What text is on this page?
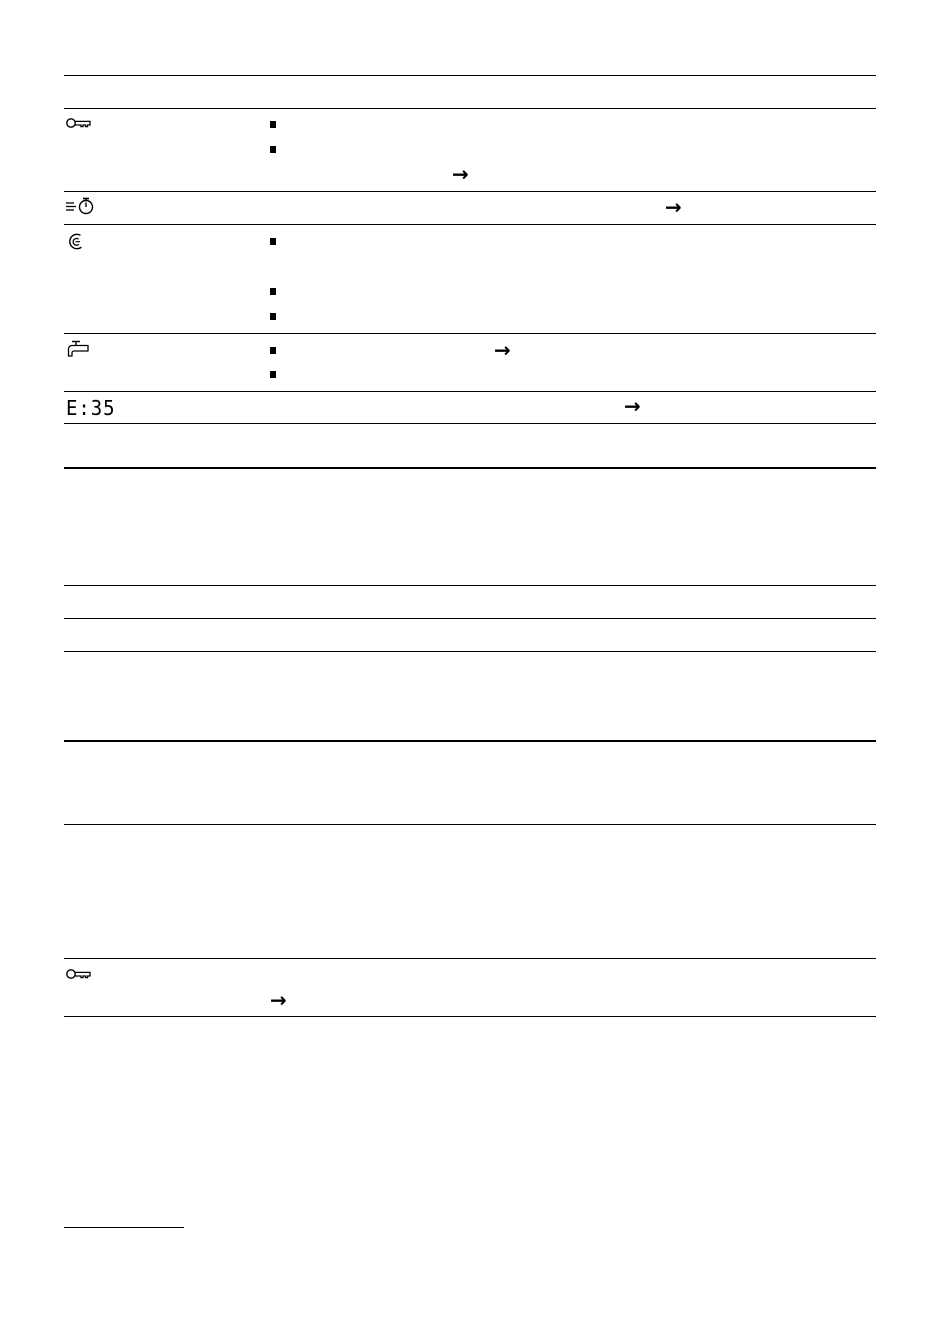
→
→
→
E:35	→
→
